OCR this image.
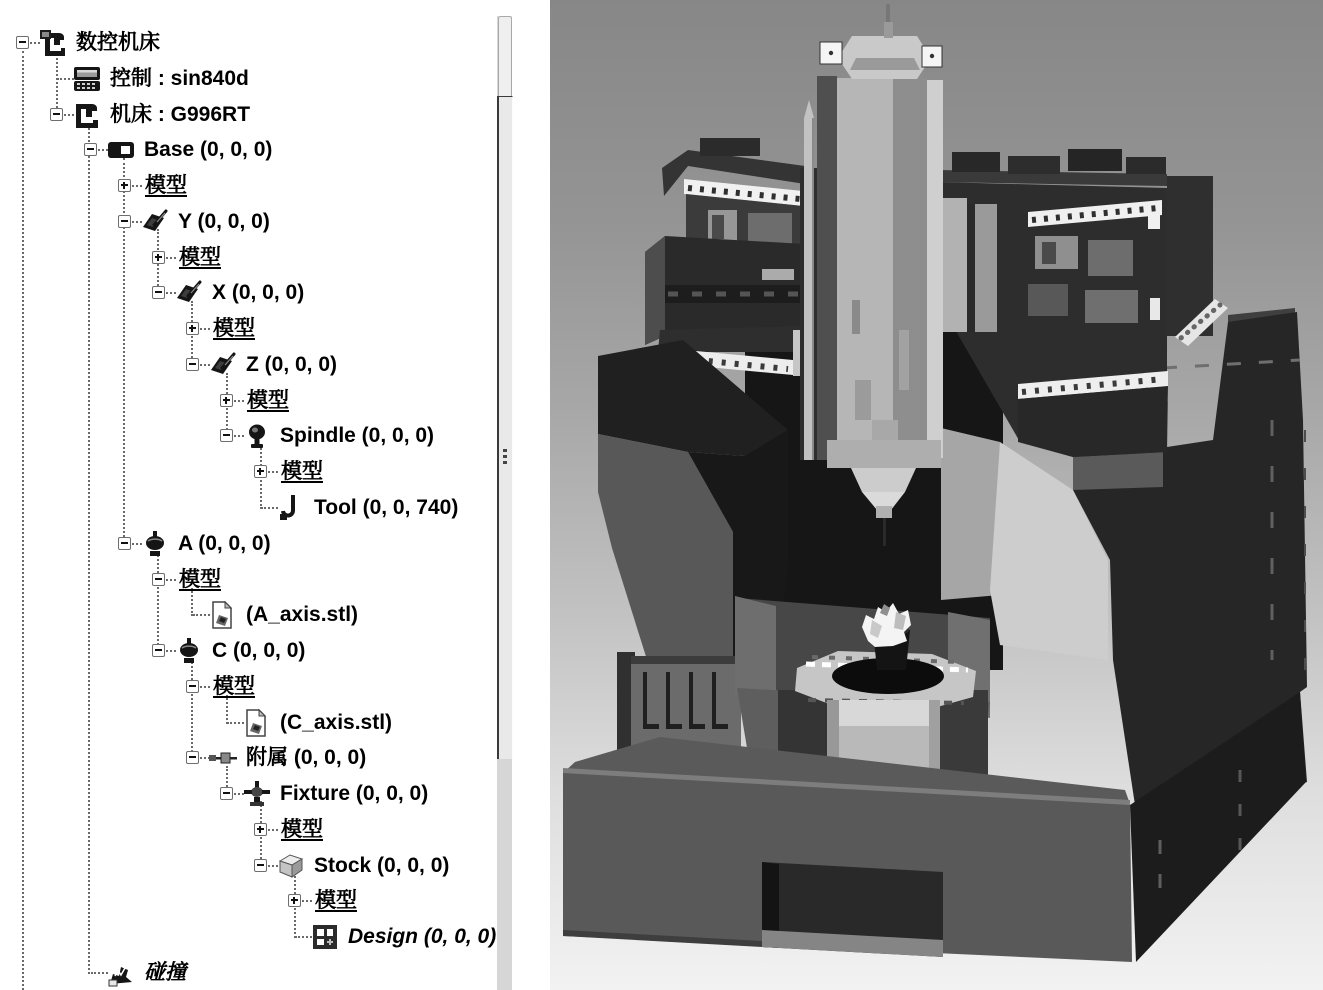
数控机床
控制 : sin840d
机床 : G996RT
Base (0, 0, 0)
模型
Y (0, 0, 0)
模型
X (0, 0, 0)
模型
Z (0, 0, 0)
模型
Spindle (0, 0, 0)
模型
Tool (0, 0, 740)
A (0, 0, 0)
模型
(A_axis.stl)
C (0, 0, 0)
模型
(C_axis.stl)
附属 (0, 0, 0)
Fixture (0, 0, 0)
模型
Stock (0, 0, 0)
模型
Design (0, 0, 0)
碰撞
